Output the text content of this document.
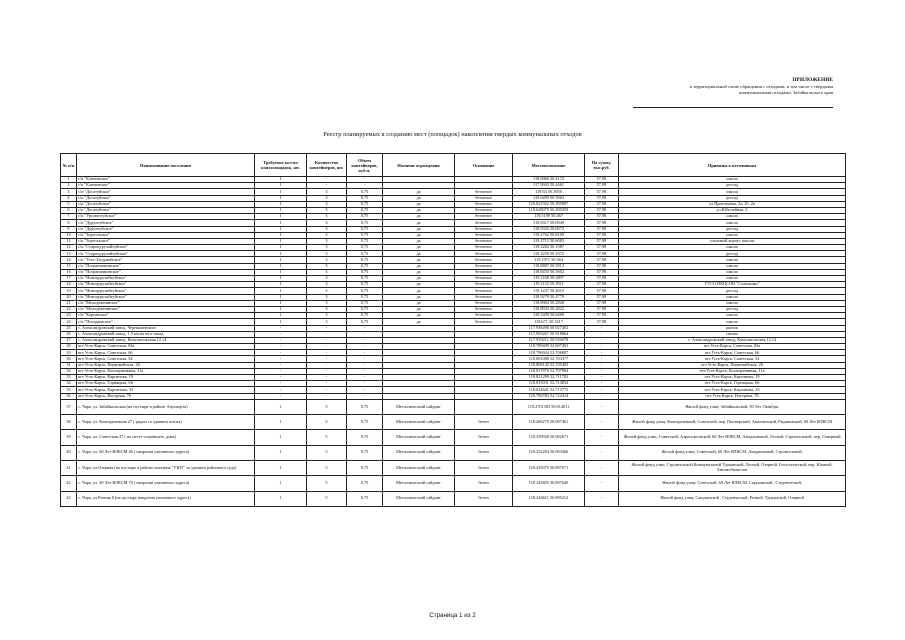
ПРИЛОЖЕНИЕ
к территориальной схеме обращения с отходами, в том числе с твердыми
коммунальными отходами, Забайкальского края
Реестр планируемых к созданию мест (площадок) накопления твердых коммунальных отходов
№ п/п	Наименование поселения	Требуемое кол-во конт.площадок, шт.	Количество контейнеров, шт.	Объем контейнеров, куб.м.	Наличие ограждения	Основание	Местоположение	На сумму, тыс.руб.	Привязка к источникам
1	г/п "Ключевское"	1	-	-			118.0066 50.4172	57,98	школа
2	г/п "Ключевское"	1	-	-			117.9943 50.4461	57,98	детсад
3	с/п "Досатуйское"	1	3	0,75	да	бетонное	118.63 50.3956	57,98	школа
4	с/п "Досатуйское"	1	3	0,75	да	бетонное	118.6289 50.3963	57,98	детсад
5	с/п "Досатуйское"	1	3	0,75	да	бетонное	118.621922 50.395887	57,98	ул.Приозерная, 2а, 2б, 2в
6	с/п "Досатуйское"	1	3	0,75	да	бетонное	118.628079 50.395359	57,98	ул.Юбилейная, 2
7	с/п "Урулюнгуйское"	1	3	0,75	да	бетонное	118.5199 50.467	57,98	школа
8	с/п "Дурулгуйское"	1	3	0,75	да	бетонное	118.9317 50.0049	57,98	школа
9	с/п "Дурулгуйское"	1	3	0,75	да	бетонное	118.9335 50.0073	57,98	детсад
10	с/п "Зоргольское"	1	3	0,75	да	бетонное	119.2762 50.6109	57,98	школа
11	с/п "Зоргольское"	1	3	0,75	да	бетонное	119.2715 50.6083	57,98	спальный корпус школы
12	с/п "Староцурухайтуйское"	1	3	0,75	да	бетонное	119.3282 50.1987	57,98	школа
13	с/п "Староцурухайтуйское"	1	3	0,75	да	бетонное	119.3259 50.1972	57,98	детсад
14	с/п "Усть-Тасуркайское"	1	3	0,75	да	бетонное	119.1971 50.364	57,98	школа
15	с/п "Пограничнинское"	1	3	0,75	да	бетонное	118.9887 50.5913	57,98	школа
16	с/п "Пограничнинское"	1	3	0,75	да	бетонное	118.8433 50.5602	57,98	школа
17	с/п "Новоцурухайтуйское"	1	3	0,75	да	бетонное	119.1168 50.3897	57,98	школа
18	с/п "Новоцурухайтуйское"	1	3	0,75	да	бетонное	119.1152 50.3911	57,98	ГУСО ПКЦСОН "Солнышко"
19	с/п "Новоцурухайтуйское"	1	3	0,75	да	бетонное	119.1247 50.4015	57,98	детсад
20	с/п "Новоцурухайтуйское"	1	3	0,75	да	бетонное	118.9279 50.4779	57,98	школа
21	с/п "Молодёжнинское"	1	3	0,75	да	бетонное	118.8964 50.2828	57,98	школа
22	с/п "Молодёжнинское"	1	3	0,75	да	бетонное	118.8933 50.2822	57,98	детсад
23	с/п "Каргинское"	1	3	0,75	да	бетонное	118.5409 50.6469	57,98	школа
24	с/п "Погадаевское"	1	3	0,75	да	бетонное	118.671 50.3317	57,98	школа
25	с. Александровский завод, Чернышевского	-	-	-			117.936490 50.927402	-	рынок
26	с. Александровский завод, 1,5 км на юго-запад	-	-	-			117.903267 50.918664	-	свалка
27	с. Александровский завод, Комсомольская 12,14	-	-	-			117.939211 50.926078	-	с. Александровский завод, Комсомольская 12,14
28	пгт.Усть-Карск, Советская, 84а	-	-	-			118.789499 52.697491	-	пгт.Усть-Карск, Советская, 84а
29	пгт.Усть-Карск, Советская, 66	-	-	-			118.796944 52.706807	-	пгт.Усть-Карск, Советская, 66
30	пгт.Усть-Карск, Советская, 54	-	-	-			118.801088 52.703377	-	пгт.Усть-Карск, Советская, 54
31	пгт.Усть-Карск, Первомайская, 26	-	-	-			118.808140 52.705483	-	пгт.Усть-Карск, Первомайская, 26
32	пгт.Усть-Карск, Кооперативная, 11а	-	-	-			118.817876 52.707984	-	пгт.Усть-Карск, Кооперативная, 11а
33	пгт.Усть-Карск, Каргинова, 19	-	-	-			118.821299 52.711702	-	пгт.Усть-Карск, Каргинова, 19
34	пгт.Усть-Карск, Горняцкая, 66	-	-	-			118.815031 52.714834	-	пгт.Усть-Карск, Горняцкая, 66
35	пгт.Усть-Карск, Каргинова, 33	-	-	-			118.824641 52.713775	-	пгт.Усть-Карск, Каргинова, 33
36	пгт.Усть-Карск, Нагорная, 76	-	-	-			118.796783 52.722414	-	пгт.Усть-Карск, Нагорная, 76
37	с. Чара, ул. Забайкальская (на пустыре в районе Аэропорта)	1	5	0,75	Металлический сайдинг		118.2701383 56.914011	-	Жилой фонд улиц: Забайкальской, 50 Лет Октября,
38	с. Чара, ул. Кооперативная 27 ( рядом со зданием почты)	1	5	0,75	Металлический сайдинг	бетон	118.266279 56.907461	-	Жилой фонд улиц: Кооперативной, Советской, пер. Пионерский, Аматтинской, Рыдаковской, 60 Лет ВЛКСМ
39	с. Чара, ул. Советская 27 ( на месте сгоревшего дома)	1	5	0,75	Металлический сайдинг	бетон	118.259928 56.902671	-	Жилой фонд улиц: Советской, Аэропортовской, 60 Лет ВЛКСМ, Амадионовой, Лесной, Строительной, пер. Северный
40	с. Чара, ул. 60 Лет ВЛКСМ 46 ( напротив указанного адреса)	1	5	0,75	Металлический сайдинг	бетон	118.252284 56.903466	-	Жилой фонд улиц: Советской, 60 Лет ВЛКСМ, Амадионовой, Строительной,
41	с. Чара, ул.Озерная (на пустыре в районе магазина "УЮТ" за зданием районного суда)	1	5	0,75	Металлический сайдинг	бетон	118.235075 56.897071	-	Жилой фонд улиц: Строительной,Коммунальной Удоканской, Лесной, Озерной, Геологической, пер. Южный, Автомобилистов
42	с. Чара, ул. 60 Лет ВЛКСМ 70 ( напротив указанного адреса)	1	5	0,75	Металлический сайдинг	бетон	118.245605 56.897640	-	Жилой фонд улиц: Советской, 60 Лет ВЛКСМ, Сакуканской , Студенческой,
43	с. Чара, ул.Речная 6 (на пустыре напротив указанного адреса)	1	5	0,75	Металлический сайдинг	бетон	118.246611 56.895212	-	Жилой фонд улиц: Сакуканской , Студенческой, Речной, Удоканской, Озерной
Страница 1 из 2
